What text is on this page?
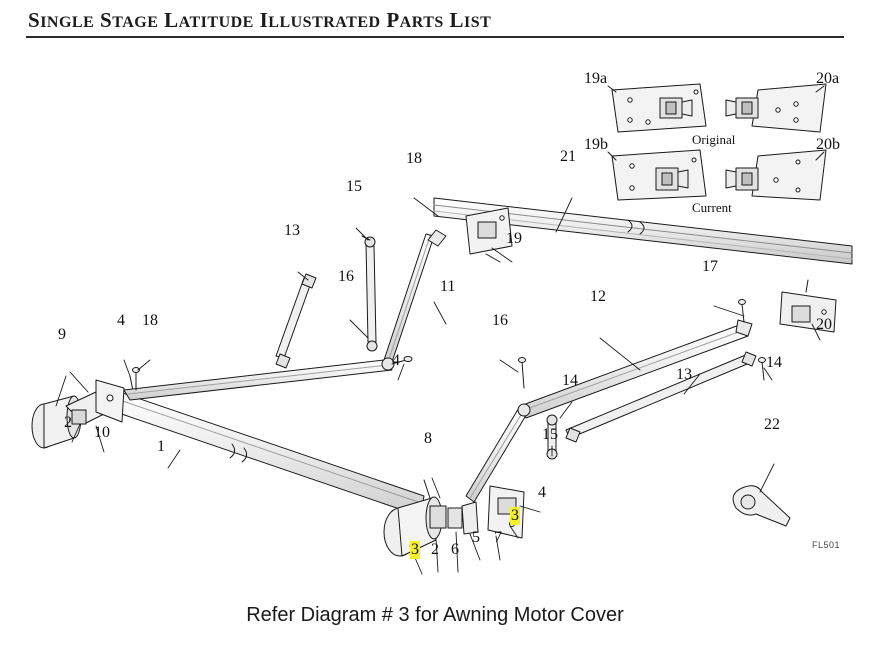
SINGLE STAGE LATITUDE ILLUSTRATED PARTS LIST
19a	20a
19b	20b
Original
Current
18	21
15
13	19
16
11
17
12
4 18	16	20
9
4	14
14	13
2
10	15
22
8
1
4
3
3 2 6
5 7	FL501
Refer Diagram # 3 for Awning Motor Cover
